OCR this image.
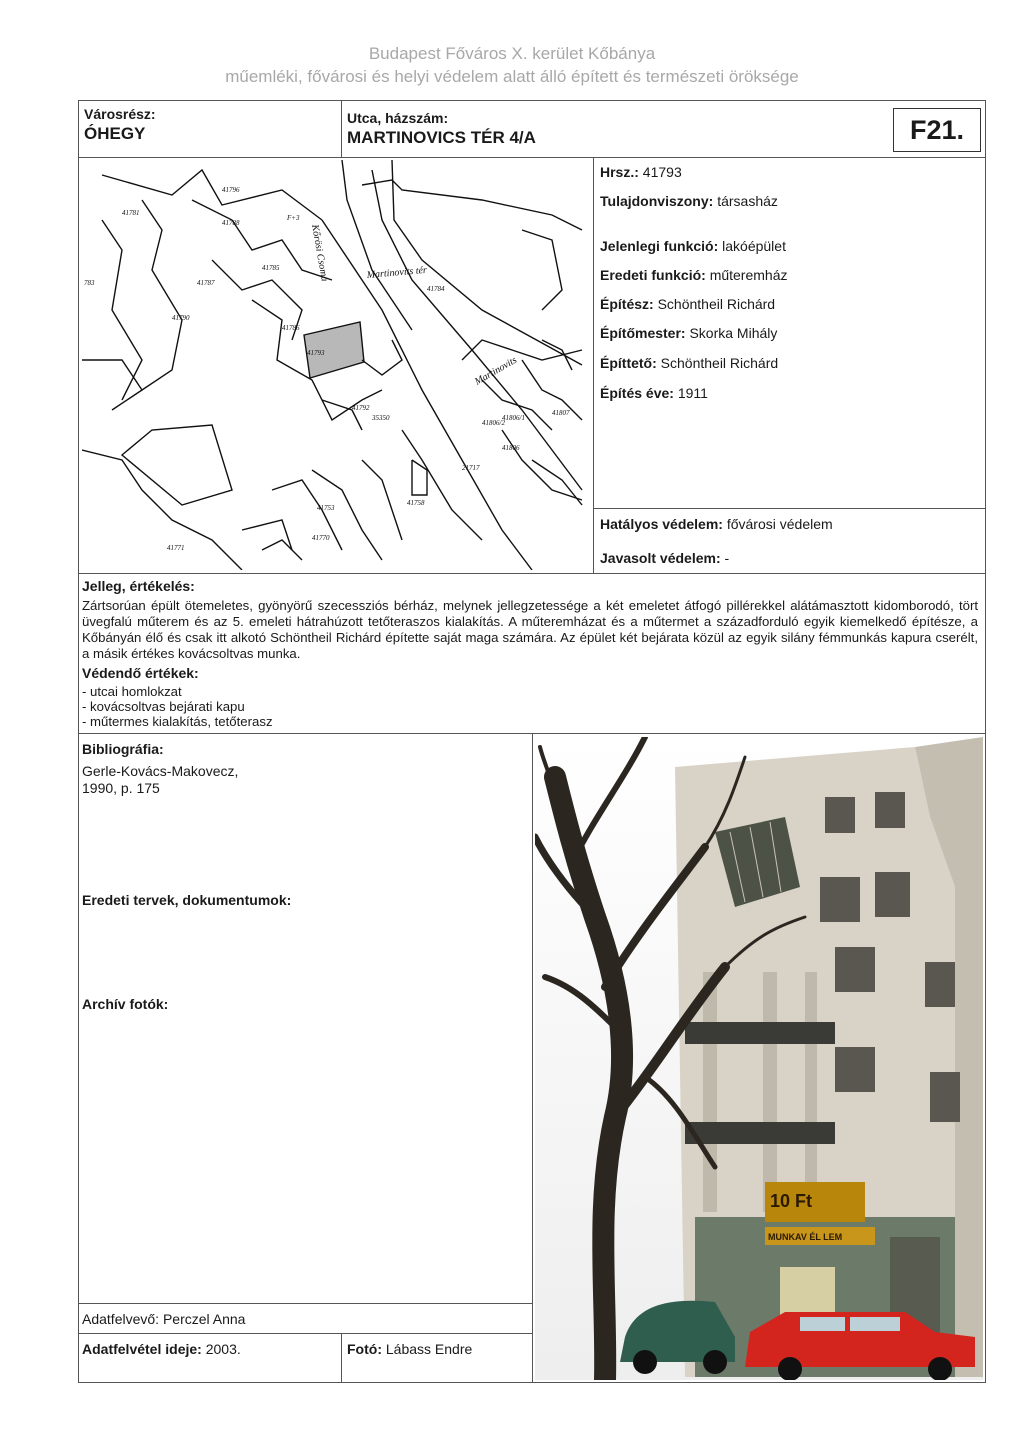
Budapest Főváros X. kerület Kőbánya
műemléki, fővárosi és helyi védelem alatt álló épített és természeti öröksége
Városrész:
ÓHEGY
Utca, házszám:
MARTINOVICS TÉR 4/A	F21.
Martinovits tér
Martinovits
Kőrösi Csoma
41793
41792
41787
41785
41786
41788
41806
41806/2
41753
41758
41770
35350
21717
41806/1
41807
783
41771
41790
41781
F+3
41796
41784
Hrsz.: 41793
Tulajdonviszony: társasház
Jelenlegi funkció: lakóépület
Eredeti funkció: műteremház
Építész: Schöntheil Richárd
Építőmester: Skorka Mihály
Építtető: Schöntheil Richárd
Építés éve: 1911
Hatályos védelem: fővárosi védelem
Javasolt védelem: -
Jelleg, értékelés:
Zártsorúan épült ötemeletes, gyönyörű szecessziós bérház, melynek jellegzetessége a két emeletet átfogó pillérekkel alátámasztott kidomborodó, tört üvegfalú műterem és az 5. emeleti hátrahúzott tetőteraszos kialakítás. A műteremházat és a műtermet a századforduló egyik kiemelkedő építésze, a Kőbányán élő és csak itt alkotó Schöntheil Richárd építette saját maga számára. Az épület két bejárata közül az egyik silány fémmunkás kapura cserélt, a másik értékes kovácsoltvas munka.
Védendő értékek:
- utcai homlokzat
- kovácsoltvas bejárati kapu
- műtermes kialakítás, tetőterasz
Bibliográfia:
Gerle-Kovács-Makovecz,
1990, p. 175
Eredeti tervek, dokumentumok:
Archív fotók:
Adatfelvevő: Perczel Anna
Adatfelvétel ideje: 2003.	Fotó: Lábass Endre
10 Ft
MUNKAV ÉL LEM
